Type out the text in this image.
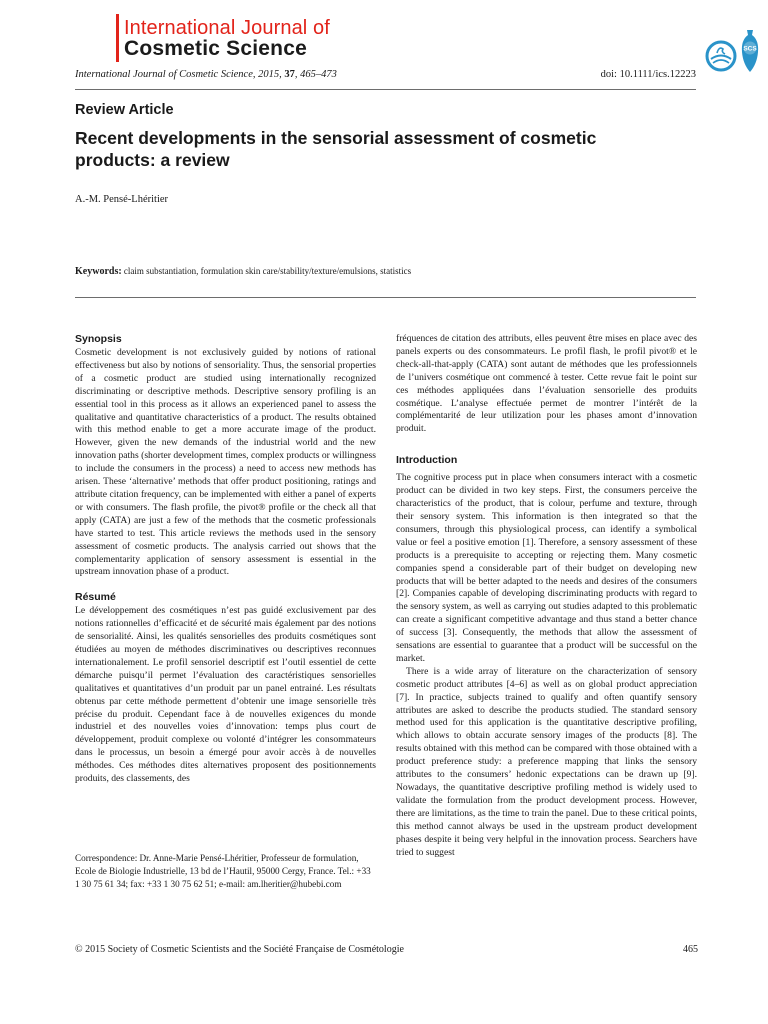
International Journal of
Cosmetic Science	SCS
International Journal of Cosmetic Science, 2015, 37, 465–473	doi: 10.1111/ics.12223
Review Article
Recent developments in the sensorial assessment of cosmetic products: a review
A.-M. Pensé-Lhéritier
Keywords: claim substantiation, formulation skin care/stability/texture/emulsions, statistics

Synopsis

Cosmetic development is not exclusively guided by notions of rational effectiveness but also by notions of sensoriality. Thus, the sensorial properties of a cosmetic product are studied using internationally recognized discriminating or descriptive methods. Descriptive sensory profiling is an essential tool in this process as it allows an experienced panel to assess the qualitative and quantitative characteristics of a product. The results obtained with this method enable to get a more accurate image of the product. However, given the new demands of the industrial world and the new innovation paths (shorter development times, complex products or willingness to include the consumers in the process) a need to access new methods has arisen. These ‘alternative’ methods that offer product positioning, ratings and attribute citation frequency, can be implemented with either a panel of experts or with consumers. The flash profile, the pivot® profile or the check all that apply (CATA) are just a few of the methods that the cosmetic professionals have started to test. This article reviews the methods used in the sensory assessment of cosmetic products. The analysis carried out shows that the complementarity application of sensory assessment is essential in the upstream innovation phase of a product.

Résumé

Le développement des cosmétiques n’est pas guidé exclusivement par des notions rationnelles d’efficacité et de sécurité mais également par des notions de sensorialité. Ainsi, les qualités sensorielles des produits cosmétiques sont étudiées au moyen de méthodes discriminatives ou descriptives reconnues internationalement. Le profil sensoriel descriptif est l’outil essentiel de cette démarche puisqu’il permet l’évaluation des caractéristiques sensorielles qualitatives et quantitatives d’un produit par un panel entrainé. Les résultats obtenus par cette méthode permettent d’obtenir une image sensorielle très précise du produit. Cependant face à de nouvelles exigences du monde industriel et des nouvelles voies d’innovation: temps plus court de développement, produit complexe ou volonté d’intégrer les consommateurs dans le processus, un besoin a émergé pour avoir accès à de nouvelles méthodes. Ces méthodes dites alternatives proposent des positionnements produits, des classements, des

Correspondence: Dr. Anne-Marie Pensé-Lhéritier, Professeur de formulation, Ecole de Biologie Industrielle, 13 bd de l’Hautil, 95000 Cergy, France. Tel.: +33 1 30 75 61 34; fax: +33 1 30 75 62 51; e-mail: am.lheritier@hubebi.com

fréquences de citation des attributs, elles peuvent être mises en place avec des panels experts ou des consommateurs. Le profil flash, le profil pivot® et le check-all-that-apply (CATA) sont autant de méthodes que les professionnels de l’univers cosmétique ont commencé à tester. Cette revue fait le point sur ces méthodes appliquées dans l’évaluation sensorielle des produits cosmétique. L’analyse effectuée permet de montrer l’intérêt de la complémentarité de leur utilization pour les phases amont d’innovation produit.

Introduction

The cognitive process put in place when consumers interact with a cosmetic product can be divided in two key steps. First, the consumers perceive the characteristics of the product, that is colour, perfume and texture, through their sensory system. This information is then integrated so that the consumers, through this physiological process, can identify a symbolical value or feel a positive emotion [1]. Therefore, a sensory assessment of these products is a prerequisite to accepting or rejecting them. Many cosmetic companies spend a considerable part of their budget on developing new products that will be better adapted to the needs and desires of the consumers [2]. Companies capable of developing discriminating products with regard to the sensory system, as well as carrying out studies adapted to this problematic can create a significant competitive advantage and thus stand a better chance of success [3]. Consequently, the methods that allow the assessment of sensations are essential to guarantee that a product will be successful on the market.

There is a wide array of literature on the characterization of sensory cosmetic product attributes [4–6] as well as on global product appreciation [7]. In practice, subjects trained to qualify and often quantify sensory attributes are asked to describe the products studied. The standard sensory method used for this application is the quantitative descriptive profiling, which allows to obtain accurate sensory images of the products [8]. The results obtained with this method can be compared with those obtained with a product preference study: a preference mapping that links the sensory attributes to the consumers’ hedonic expectations can be drawn up [9]. Nowadays, the quantitative descriptive profiling method is widely used to validate the formulation from the product development process. However, there are limitations, as the time to train the panel. Due to these critical points, this method cannot always be used in the upstream product development phases despite it being very helpful in the innovation process. Searchers have tried to suggest

© 2015 Society of Cosmetic Scientists and the Société Française de Cosmétologie	465
